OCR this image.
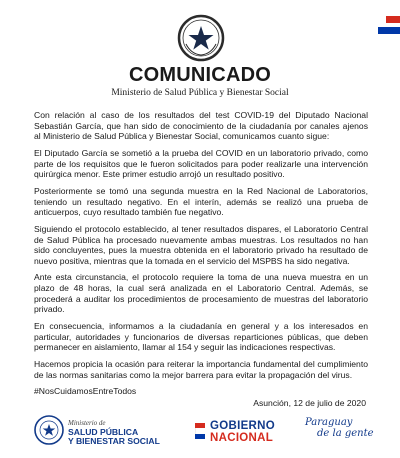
COMUNICADO
Ministerio de Salud Pública y Bienestar Social

Con relación al caso de los resultados del test COVID-19 del Diputado Nacional Sebastián García, que han sido de conocimiento de la ciudadanía por canales ajenos al Ministerio de Salud Pública y Bienestar Social, comunicamos cuanto sigue:

El Diputado García se sometió a la prueba del COVID en un laboratorio privado, como parte de los requisitos que le fueron solicitados para poder realizarle una intervención quirúrgica menor. Este primer estudio arrojó un resultado positivo.

Posteriormente se tomó una segunda muestra en la Red Nacional de Laboratorios, teniendo un resultado negativo. En el interín, además se realizó una prueba de anticuerpos, cuyo resultado también fue negativo.

Siguiendo el protocolo establecido, al tener resultados dispares, el Laboratorio Central de Salud Pública ha procesado nuevamente ambas muestras. Los resultados no han sido concluyentes, pues la muestra obtenida en el laboratorio privado ha resultado de nuevo positiva, mientras que la tomada en el servicio del MSPBS ha sido negativa.

Ante esta circunstancia, el protocolo requiere la toma de una nueva muestra en un plazo de 48 horas, la cual será analizada en el Laboratorio Central. Además, se procederá a auditar los procedimientos de procesamiento de muestras del laboratorio privado.

En consecuencia, informamos a la ciudadanía en general y a los interesados en particular, autoridades y funcionarios de diversas reparticiones públicas, que deben permanecer en aislamiento, llamar al 154 y seguir las indicaciones respectivas.

Hacemos propicia la ocasión para reiterar la importancia fundamental del cumplimiento de las normas sanitarias como la mejor barrera para evitar la propagación del virus.

#NosCuidamosEntreTodos

Asunción, 12 de julio de 2020
Ministerio de
SALUD PÚBLICA
Y BIENESTAR SOCIAL
GOBIERNO
NACIONAL
Paraguay
de la gente
